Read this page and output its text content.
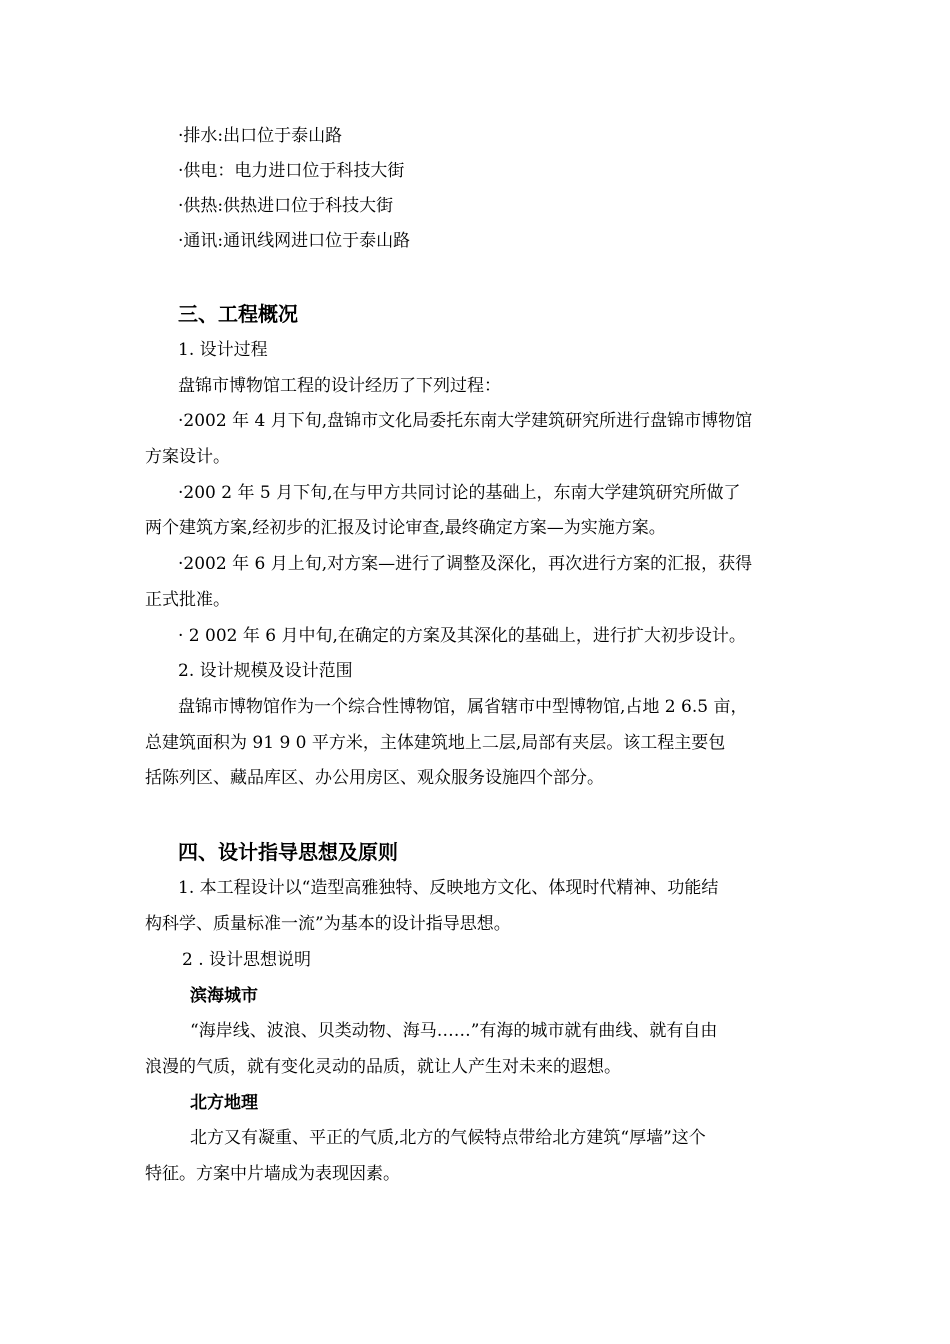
·排水:出口位于泰山路
·供电：电力进口位于科技大街
·供热:供热进口位于科技大街
·通讯:通讯线网进口位于泰山路
三、工程概况
1. 设计过程
盘锦市博物馆工程的设计经历了下列过程：
·2002 年 4 月下旬,盘锦市文化局委托东南大学建筑研究所进行盘锦市博物馆
方案设计。
·200 2 年 5 月下旬,在与甲方共同讨论的基础上，东南大学建筑研究所做了
两个建筑方案,经初步的汇报及讨论审查,最终确定方案—为实施方案。
·2002 年 6 月上旬,对方案—进行了调整及深化，再次进行方案的汇报，获得
正式批准。
· 2 002 年 6 月中旬,在确定的方案及其深化的基础上，进行扩大初步设计。
2. 设计规模及设计范围
盘锦市博物馆作为一个综合性博物馆，属省辖市中型博物馆,占地 2 6.5 亩，
总建筑面积为 91 9 0 平方米，主体建筑地上二层,局部有夹层。该工程主要包
括陈列区、藏品库区、办公用房区、观众服务设施四个部分。
四、设计指导思想及原则
1. 本工程设计以“造型高雅独特、反映地方文化、体现时代精神、功能结
构科学、质量标准一流”为基本的设计指导思想。
2 . 设计思想说明
滨海城市
“海岸线、波浪、贝类动物、海马……”有海的城市就有曲线、就有自由
浪漫的气质，就有变化灵动的品质，就让人产生对未来的遐想。
北方地理
北方又有凝重、平正的气质,北方的气候特点带给北方建筑“厚墙”这个
特征。方案中片墙成为表现因素。
